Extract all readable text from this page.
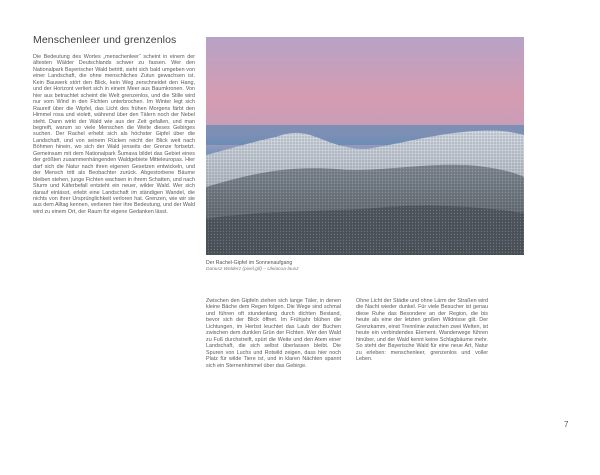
Menschenleer und grenzenlos

Die Bedeutung des Wortes „menschenleer“ scheint in einem der ältesten Wälder Deutschlands schwer zu fassen. Wer den Nationalpark Bayerischer Wald betritt, sieht sich bald umgeben von einer Landschaft, die ohne menschliches Zutun gewachsen ist. Kein Bauwerk stört den Blick, kein Weg zerschneidet den Hang, und der Horizont verliert sich in einem Meer aus Baumkronen. Von hier aus betrachtet scheint die Welt grenzenlos, und die Stille wird nur vom Wind in den Fichten unterbrochen. Im Winter legt sich Raureif über die Wipfel, das Licht des frühen Morgens färbt den Himmel rosa und violett, während über den Tälern noch der Nebel steht. Dann wirkt der Wald wie aus der Zeit gefallen, und man begreift, warum so viele Menschen die Weite dieses Gebirges suchen. Der Rachel erhebt sich als höchster Gipfel über die Landschaft, und von seinem Rücken reicht der Blick weit nach Böhmen hinein, wo sich der Wald jenseits der Grenze fortsetzt. Gemeinsam mit dem Nationalpark Šumava bildet das Gebiet eines der größten zusammenhängenden Waldgebiete Mitteleuropas. Hier darf sich die Natur nach ihren eigenen Gesetzen entwickeln, und der Mensch tritt als Beobachter zurück. Abgestorbene Bäume bleiben stehen, junge Fichten wachsen in ihrem Schatten, und nach Sturm und Käferbefall entsteht ein neuer, wilder Wald. Wer sich darauf einlässt, erlebt eine Landschaft im ständigen Wandel, die nichts von ihrer Ursprünglichkeit verloren hat. Grenzen, wie wir sie aus dem Alltag kennen, verlieren hier ihre Bedeutung, und der Wald wird zu einem Ort, der Raum für eigene Gedanken lässt.

Der Rachel-Gipfel im Sonnenaufgang
Dariusz Walderz (pixel,gif) – Uleiacoa-lausz

Zwischen den Gipfeln ziehen sich lange Täler, in denen kleine Bäche dem Regen folgen. Die Wege sind schmal und führen oft stundenlang durch dichten Bestand, bevor sich der Blick öffnet. Im Frühjahr blühen die Lichtungen, im Herbst leuchtet das Laub der Buchen zwischen dem dunklen Grün der Fichten. Wer den Wald zu Fuß durchstreift, spürt die Weite und den Atem einer Landschaft, die sich selbst überlassen bleibt. Die Spuren von Luchs und Rotwild zeigen, dass hier noch Platz für wilde Tiere ist, und in klaren Nächten spannt sich ein Sternenhimmel über das Gebirge.

Ohne Licht der Städte und ohne Lärm der Straßen wird die Nacht wieder dunkel. Für viele Besucher ist genau diese Ruhe das Besondere an der Region, die bis heute als eine der letzten großen Wildnisse gilt. Der Grenzkamm, einst Trennlinie zwischen zwei Welten, ist heute ein verbindendes Element. Wanderwege führen hinüber, und der Wald kennt keine Schlagbäume mehr. So steht der Bayerische Wald für eine neue Art, Natur zu erleben: menschenleer, grenzenlos und voller Leben.

7
